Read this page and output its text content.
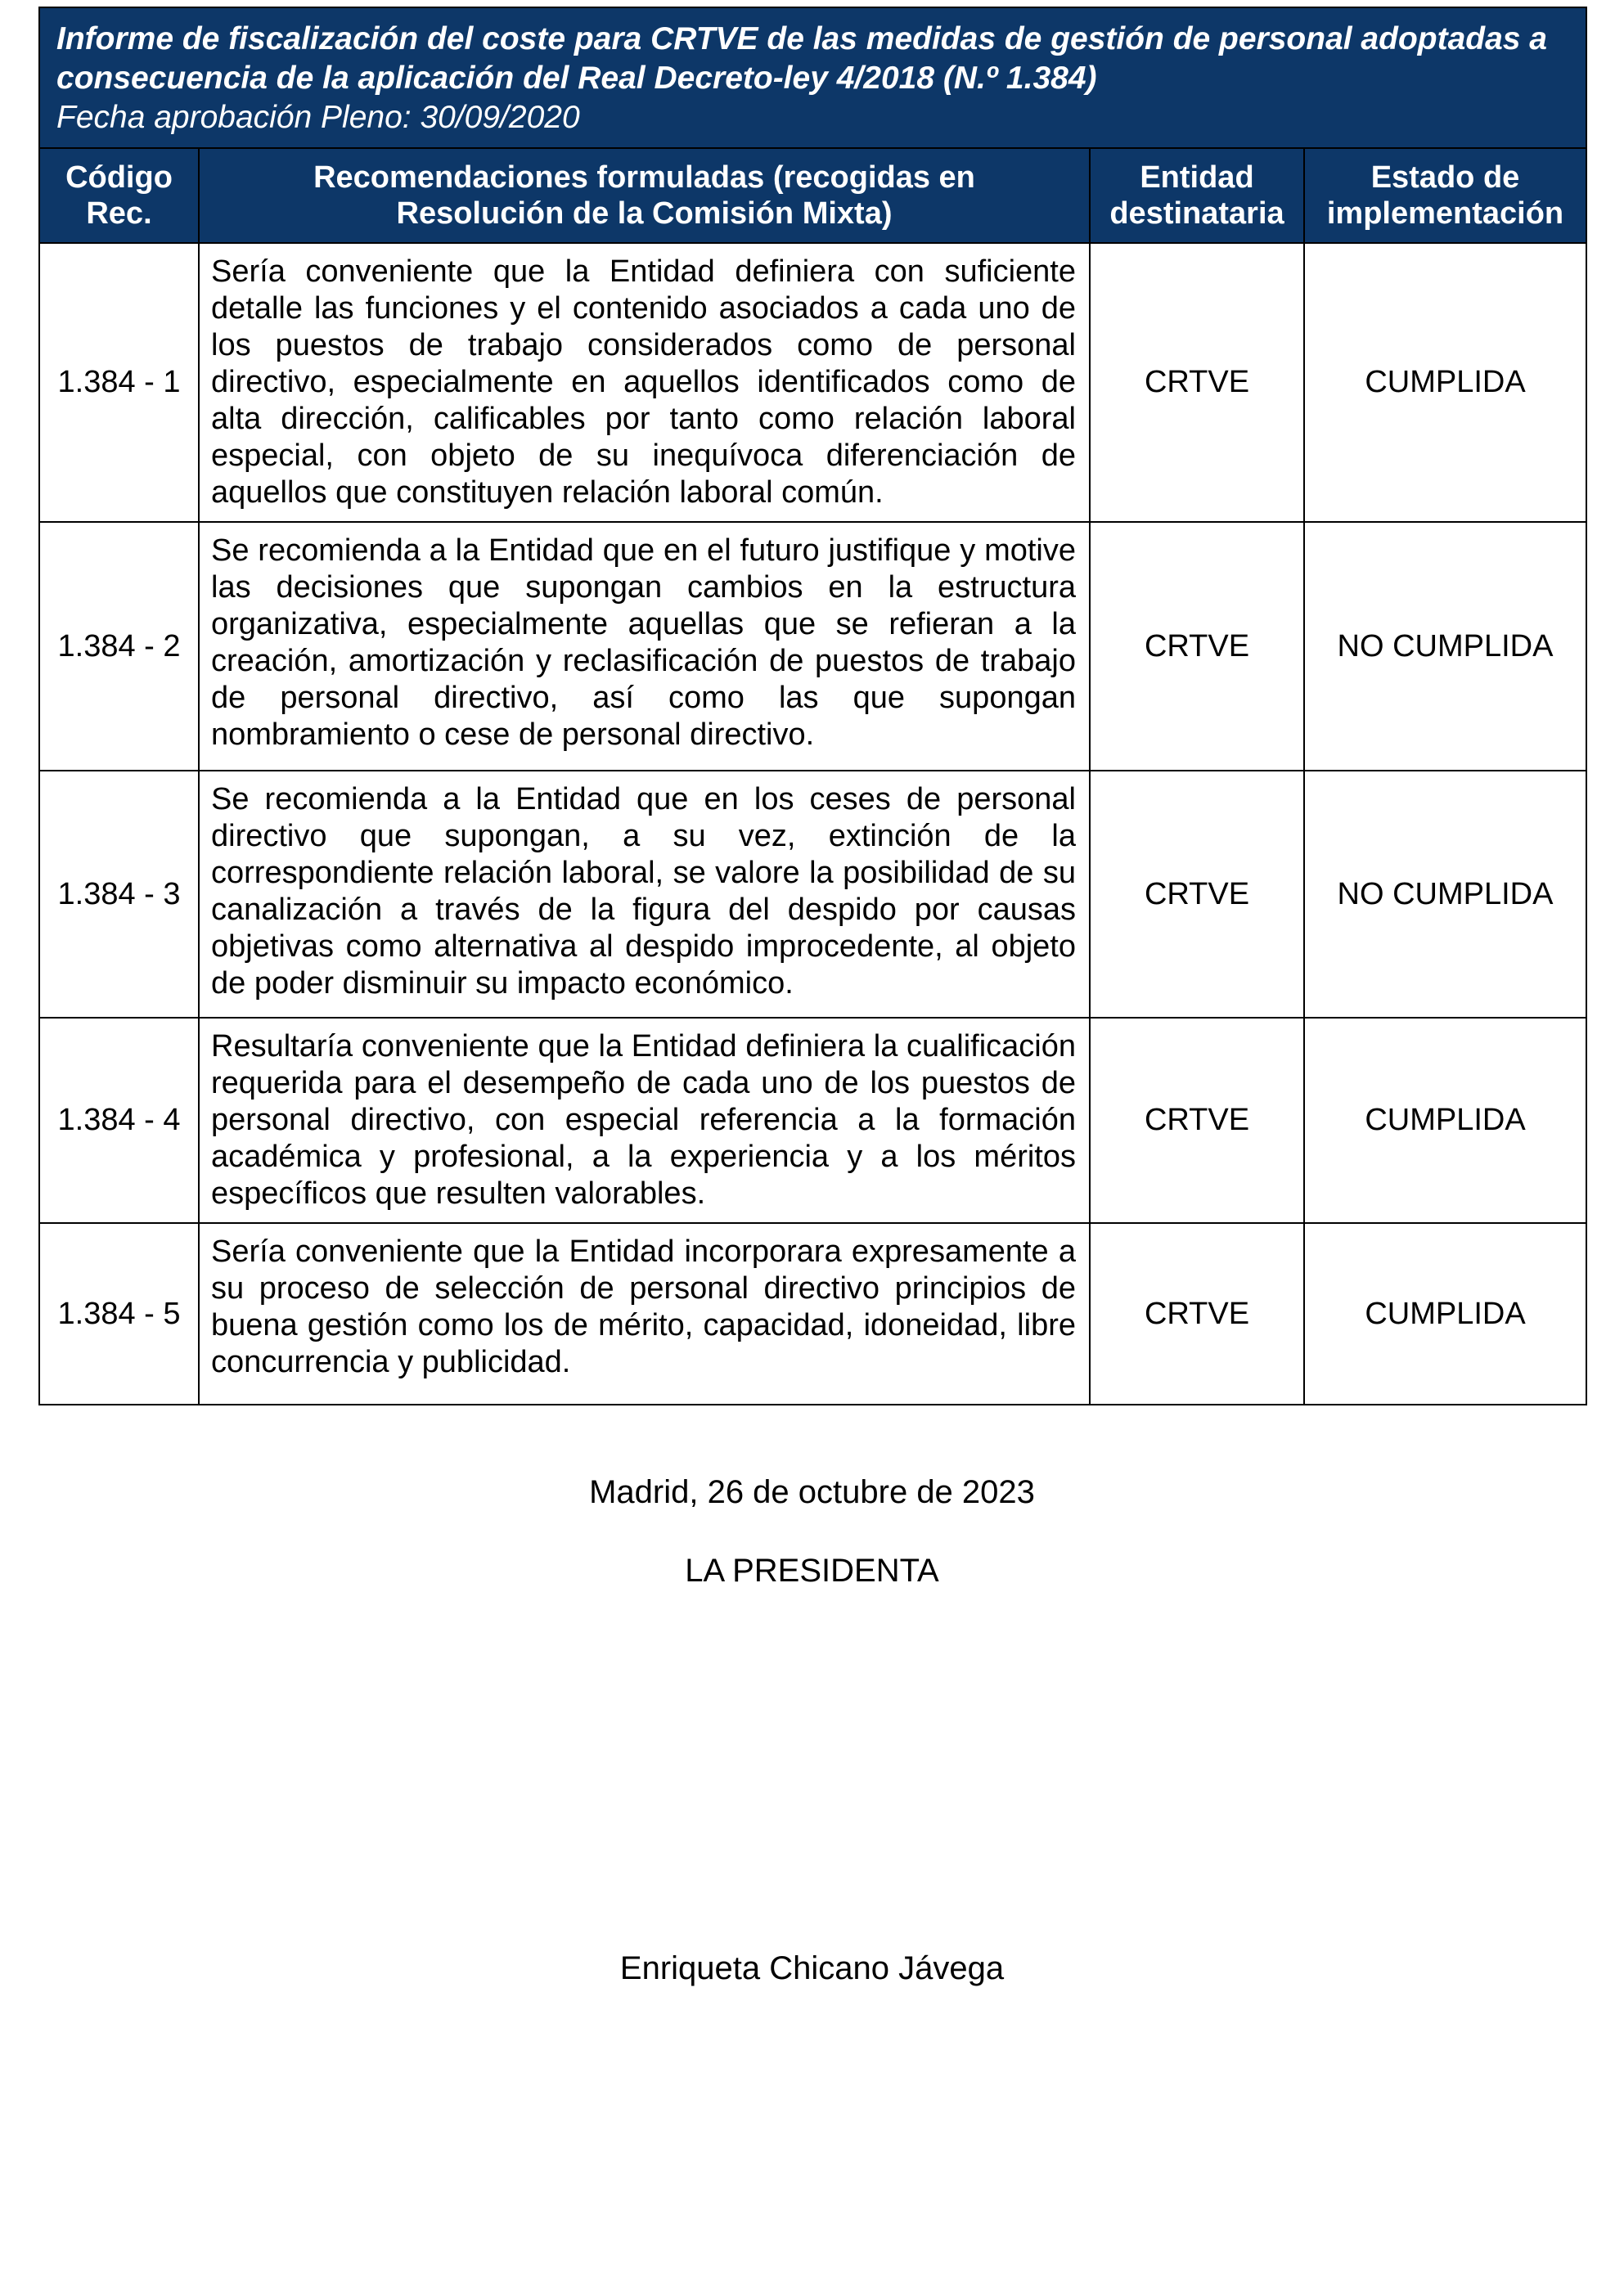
Informe de fiscalización del coste para CRTVE de las medidas de gestión de personal adoptadas a consecuencia de la aplicación del Real Decreto-ley 4/2018 (N.º 1.384)
Fecha aprobación Pleno: 30/09/2020			

Código Rec.	Recomendaciones formuladas (recogidas en Resolución de la Comisión Mixta)	Entidad destinataria	Estado de implementación
1.384 - 1	Sería conveniente que la Entidad definiera con suficiente detalle las funciones y el contenido asociados a cada uno de los puestos de trabajo considerados como de personal directivo, especialmente en aquellos identificados como de alta dirección, calificables por tanto como relación laboral especial, con objeto de su inequívoca diferenciación de aquellos que constituyen relación laboral común.	CRTVE	CUMPLIDA
1.384 - 2	Se recomienda a la Entidad que en el futuro justifique y motive las decisiones que supongan cambios en la estructura organizativa, especialmente aquellas que se refieran a la creación, amortización y reclasificación de puestos de trabajo de personal directivo, así como las que supongan nombramiento o cese de personal directivo.	CRTVE	NO CUMPLIDA
1.384 - 3	Se recomienda a la Entidad que en los ceses de personal directivo que supongan, a su vez, extinción de la correspondiente relación laboral, se valore la posibilidad de su canalización a través de la figura del despido por causas objetivas como alternativa al despido improcedente, al objeto de poder disminuir su impacto económico.	CRTVE	NO CUMPLIDA
1.384 - 4	Resultaría conveniente que la Entidad definiera la cualificación requerida para el desempeño de cada uno de los puestos de personal directivo, con especial referencia a la formación académica y profesional, a la experiencia y a los méritos específicos que resulten valorables.	CRTVE	CUMPLIDA
1.384 - 5	Sería conveniente que la Entidad incorporara expresamente a su proceso de selección de personal directivo principios de buena gestión como los de mérito, capacidad, idoneidad, libre concurrencia y publicidad.	CRTVE	CUMPLIDA
Madrid, 26 de octubre de 2023
LA PRESIDENTA
Enriqueta Chicano Jávega
